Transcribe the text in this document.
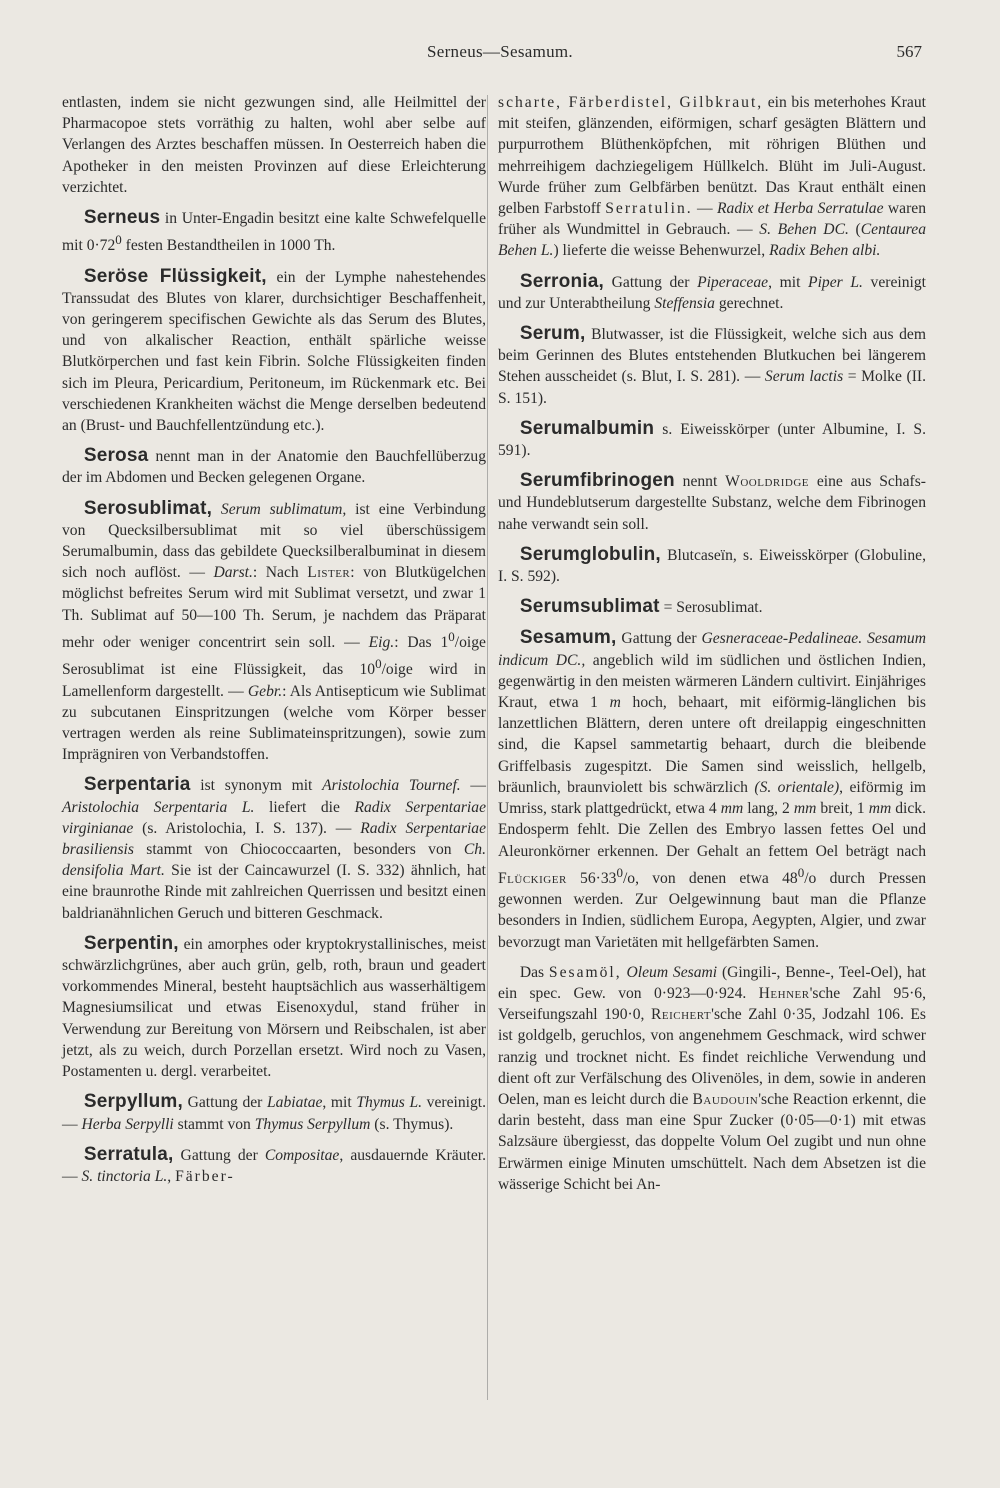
Serneus—Sesamum.	567

entlasten, indem sie nicht gezwungen sind, alle Heilmittel der Pharmacopoe stets vorräthig zu halten, wohl aber selbe auf Verlangen des Arztes beschaffen müssen. In Oesterreich haben die Apotheker in den meisten Provinzen auf diese Erleichterung verzichtet.

Serneus in Unter-Engadin besitzt eine kalte Schwefelquelle mit $0\cdot 72^0$ festen Bestandtheilen in 1000 Th.

Seröse Flüssigkeit, ein der Lymphe nahestehendes Transsudat des Blutes von klarer, durchsichtiger Beschaffenheit, von geringerem specifischen Gewichte als das Serum des Blutes, und von alkalischer Reaction, enthält spärliche weisse Blutkörperchen und fast kein Fibrin. Solche Flüssigkeiten finden sich im Pleura, Pericardium, Peritoneum, im Rückenmark etc. Bei verschiedenen Krankheiten wächst die Menge derselben bedeutend an (Brust- und Bauchfellentzündung etc.).

Serosa nennt man in der Anatomie den Bauchfellüberzug der im Abdomen und Becken gelegenen Organe.

Serosublimat, Serum sublimatum, ist eine Verbindung von Quecksilbersublimat mit so viel überschüssigem Serumalbumin, dass das gebildete Quecksilberalbuminat in diesem sich noch auflöst. — Darst.: Nach Lister: von Blutkügelchen möglichst befreites Serum wird mit Sublimat versetzt, und zwar 1 Th. Sublimat auf 50—100 Th. Serum, je nachdem das Präparat mehr oder weniger concentrirt sein soll. — Eig.: Das $1^0$/oige Serosublimat ist eine Flüssigkeit, das $10^0$/oige wird in Lamellenform dargestellt. — Gebr.: Als Antisepticum wie Sublimat zu subcutanen Einspritzungen (welche vom Körper besser vertragen werden als reine Sublimateinspritzungen), sowie zum Imprägniren von Verbandstoffen.

Serpentaria ist synonym mit Aristolochia Tournef. — Aristolochia Serpentaria L. liefert die Radix Serpentariae virginianae (s. Aristolochia, I. S. 137). — Radix Serpentariae brasiliensis stammt von Chiococcaarten, besonders von Ch. densifolia Mart. Sie ist der Caincawurzel (I. S. 332) ähnlich, hat eine braunrothe Rinde mit zahlreichen Querrissen und besitzt einen baldrianähnlichen Geruch und bitteren Geschmack.

Serpentin, ein amorphes oder kryptokrystallinisches, meist schwärzlichgrünes, aber auch grün, gelb, roth, braun und geadert vorkommendes Mineral, besteht hauptsächlich aus wasserhältigem Magnesiumsilicat und etwas Eisenoxydul, stand früher in Verwendung zur Bereitung von Mörsern und Reibschalen, ist aber jetzt, als zu weich, durch Porzellan ersetzt. Wird noch zu Vasen, Postamenten u. dergl. verarbeitet.

Serpyllum, Gattung der Labiatae, mit Thymus L. vereinigt. — Herba Serpylli stammt von Thymus Serpyllum (s. Thymus).

Serratula, Gattung der Compositae, ausdauernde Kräuter. — S. tinctoria L., Färber-

scharte, Färberdistel, Gilbkraut, ein bis meterhohes Kraut mit steifen, glänzenden, eiförmigen, scharf gesägten Blättern und purpurrothem Blüthenköpfchen, mit röhrigen Blüthen und mehrreihigem dachziegeligem Hüllkelch. Blüht im Juli-August. Wurde früher zum Gelbfärben benützt. Das Kraut enthält einen gelben Farbstoff Serratulin. — Radix et Herba Serratulae waren früher als Wundmittel in Gebrauch. — S. Behen DC. (Centaurea Behen L.) lieferte die weisse Behenwurzel, Radix Behen albi.

Serronia, Gattung der Piperaceae, mit Piper L. vereinigt und zur Unterabtheilung Steffensia gerechnet.

Serum, Blutwasser, ist die Flüssigkeit, welche sich aus dem beim Gerinnen des Blutes entstehenden Blutkuchen bei längerem Stehen ausscheidet (s. Blut, I. S. 281). — Serum lactis = Molke (II. S. 151).

Serumalbumin s. Eiweisskörper (unter Albumine, I. S. 591).

Serumfibrinogen nennt Wooldridge eine aus Schafs- und Hundeblutserum dargestellte Substanz, welche dem Fibrinogen nahe verwandt sein soll.

Serumglobulin, Blutcaseïn, s. Eiweisskörper (Globuline, I. S. 592).

Serumsublimat = Serosublimat.

Sesamum, Gattung der Gesneraceae-Pedalineae. Sesamum indicum DC., angeblich wild im südlichen und östlichen Indien, gegenwärtig in den meisten wärmeren Ländern cultivirt. Einjähriges Kraut, etwa 1 m hoch, behaart, mit eiförmig-länglichen bis lanzettlichen Blättern, deren untere oft dreilappig eingeschnitten sind, die Kapsel sammetartig behaart, durch die bleibende Griffelbasis zugespitzt. Die Samen sind weisslich, hellgelb, bräunlich, braunviolett bis schwärzlich (S. orientale), eiförmig im Umriss, stark plattgedrückt, etwa 4 mm lang, 2 mm breit, 1 mm dick. Endosperm fehlt. Die Zellen des Embryo lassen fettes Oel und Aleuronkörner erkennen. Der Gehalt an fettem Oel beträgt nach Flückiger $56\cdot 33^0/o$, von denen etwa $48^0/o$ durch Pressen gewonnen werden. Zur Oelgewinnung baut man die Pflanze besonders in Indien, südlichem Europa, Aegypten, Algier, und zwar bevorzugt man Varietäten mit hellgefärbten Samen.

Das Sesamöl, Oleum Sesami (Gingili-, Benne-, Teel-Oel), hat ein spec. Gew. von 0·923—0·924. Hehner'sche Zahl 95·6, Verseifungszahl 190·0, Reichert'sche Zahl 0·35, Jodzahl 106. Es ist goldgelb, geruchlos, von angenehmem Geschmack, wird schwer ranzig und trocknet nicht. Es findet reichliche Verwendung und dient oft zur Verfälschung des Olivenöles, in dem, sowie in anderen Oelen, man es leicht durch die Baudouin'sche Reaction erkennt, die darin besteht, dass man eine Spur Zucker (0·05—0·1) mit etwas Salzsäure übergiesst, das doppelte Volum Oel zugibt und nun ohne Erwärmen einige Minuten umschüttelt. Nach dem Absetzen ist die wässerige Schicht bei An-
